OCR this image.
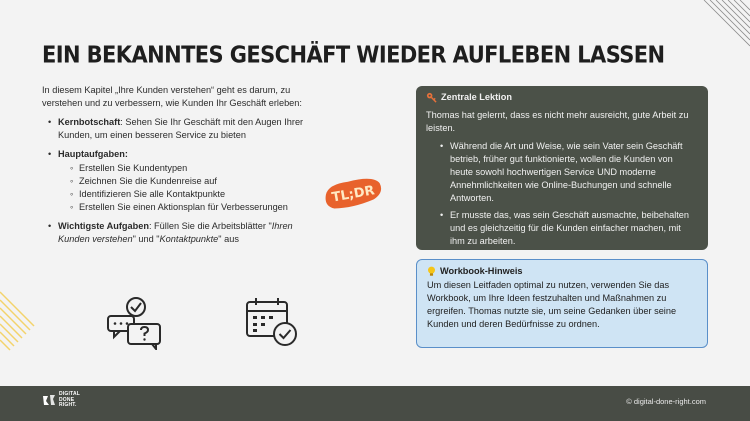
EIN BEKANNTES GESCHÄFT WIEDER AUFLEBEN LASSEN

In diesem Kapitel „Ihre Kunden verstehen“ geht es darum, zu verstehen und zu verbessern, wie Kunden Ihr Geschäft erleben:

• Kernbotschaft: Sehen Sie Ihr Geschäft mit den Augen Ihrer Kunden, um einen besseren Service zu bieten
• Hauptaufgaben:
◦ Erstellen Sie Kundentypen
◦ Zeichnen Sie die Kundenreise auf
◦ Identifizieren Sie alle Kontaktpunkte
◦ Erstellen Sie einen Aktionsplan für Verbesserungen
• Wichtigste Aufgaben: Füllen Sie die Arbeitsblätter "Ihren Kunden verstehen" und "Kontaktpunkte" aus
TL;DR
Zentrale Lektion
Thomas hat gelernt, dass es nicht mehr ausreicht, gute Arbeit zu leisten.
• Während die Art und Weise, wie sein Vater sein Geschäft betrieb, früher gut funktionierte, wollen die Kunden von heute sowohl hochwertigen Service UND moderne Annehmlichkeiten wie Online-Buchungen und schnelle Antworten.
• Er musste das, was sein Geschäft ausmachte, beibehalten und es gleichzeitig für die Kunden einfacher machen, mit ihm zu arbeiten.
Workbook-Hinweis
Um diesen Leitfaden optimal zu nutzen, verwenden Sie das Workbook, um Ihre Ideen festzuhalten und Maßnahmen zu ergreifen. Thomas nutzte sie, um seine Gedanken über seine Kunden und deren Bedürfnisse zu ordnen.
DIGITAL
DONE
RIGHT.	© digital-done-right.com
